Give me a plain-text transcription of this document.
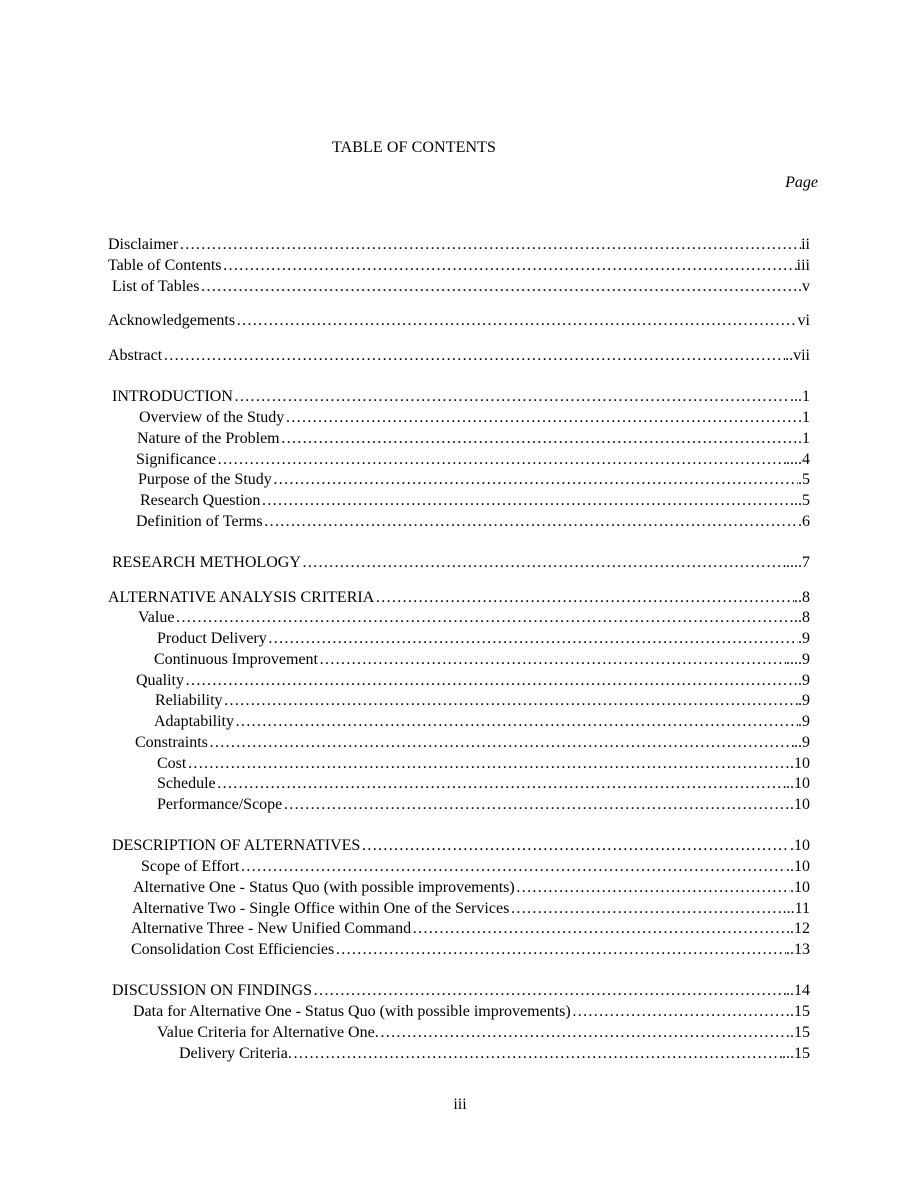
TABLE OF CONTENTS
Page
Disclaimer …………………………………………………………………………………………………………………………………………………………………………………………………………………………………………………………	ii
Table of Contents …………………………………………………………………………………………………………………………………………………………………………………………………………………………………………………………	iii
List of Tables …………………………………………………………………………………………………………………………………………………………………………………………………………………………………………………………	.v
Acknowledgements …………………………………………………………………………………………………………………………………………………………………………………………………………………………………………………………	vi
Abstract …………………………………………………………………………………………………………………………………………………………………………………………………………………………………………………………	..vii
INTRODUCTION …………………………………………………………………………………………………………………………………………………………………………………………………………………………………………………………	...1
Overview of the Study …………………………………………………………………………………………………………………………………………………………………………………………………………………………………………………………	.1
Nature of the Problem …………………………………………………………………………………………………………………………………………………………………………………………………………………………………………………………	.1
Significance …………………………………………………………………………………………………………………………………………………………………………………………………………………………………………………………	....4
Purpose of the Study …………………………………………………………………………………………………………………………………………………………………………………………………………………………………………………………	.5
Research Question …………………………………………………………………………………………………………………………………………………………………………………………………………………………………………………………	..5
Definition of Terms …………………………………………………………………………………………………………………………………………………………………………………………………………………………………………………………	.6
RESEARCH METHOLOGY …………………………………………………………………………………………………………………………………………………………………………………………………………………………………………………………	....7
ALTERNATIVE ANALYSIS CRITERIA …………………………………………………………………………………………………………………………………………………………………………………………………………………………………………………………	..8
Value …………………………………………………………………………………………………………………………………………………………………………………………………………………………………………………………	..8
Product Delivery …………………………………………………………………………………………………………………………………………………………………………………………………………………………………………………………	.9
Continuous Improvement …………………………………………………………………………………………………………………………………………………………………………………………………………………………………………………………	....9
Quality …………………………………………………………………………………………………………………………………………………………………………………………………………………………………………………………	.9
Reliability …………………………………………………………………………………………………………………………………………………………………………………………………………………………………………………………	.9
Adaptability …………………………………………………………………………………………………………………………………………………………………………………………………………………………………………………………	.9
Constraints …………………………………………………………………………………………………………………………………………………………………………………………………………………………………………………………	..9
Cost …………………………………………………………………………………………………………………………………………………………………………………………………………………………………………………………	.10
Schedule …………………………………………………………………………………………………………………………………………………………………………………………………………………………………………………………	..10
Performance/Scope …………………………………………………………………………………………………………………………………………………………………………………………………………………………………………………………	.10
DESCRIPTION OF ALTERNATIVES …………………………………………………………………………………………………………………………………………………………………………………………………………………………………………………………	.10
Scope of Effort …………………………………………………………………………………………………………………………………………………………………………………………………………………………………………………………	..10
Alternative One - Status Quo (with possible improvements) …………………………………………………………………………………………………………………………………………………………………………………………………………………………………………………………	.10
Alternative Two - Single Office within One of the Services …………………………………………………………………………………………………………………………………………………………………………………………………………………………………………………………	...11
Alternative Three - New Unified Command …………………………………………………………………………………………………………………………………………………………………………………………………………………………………………………………	.12
Consolidation Cost Efficiencies …………………………………………………………………………………………………………………………………………………………………………………………………………………………………………………………	..13
DISCUSSION ON FINDINGS …………………………………………………………………………………………………………………………………………………………………………………………………………………………………………………………	..14
Data for Alternative One - Status Quo (with possible improvements) …………………………………………………………………………………………………………………………………………………………………………………………………………………………………………………………	.15
Value Criteria for Alternative One. …………………………………………………………………………………………………………………………………………………………………………………………………………………………………………………………	.15
Delivery Criteria. …………………………………………………………………………………………………………………………………………………………………………………………………………………………………………………………	...15
iii
